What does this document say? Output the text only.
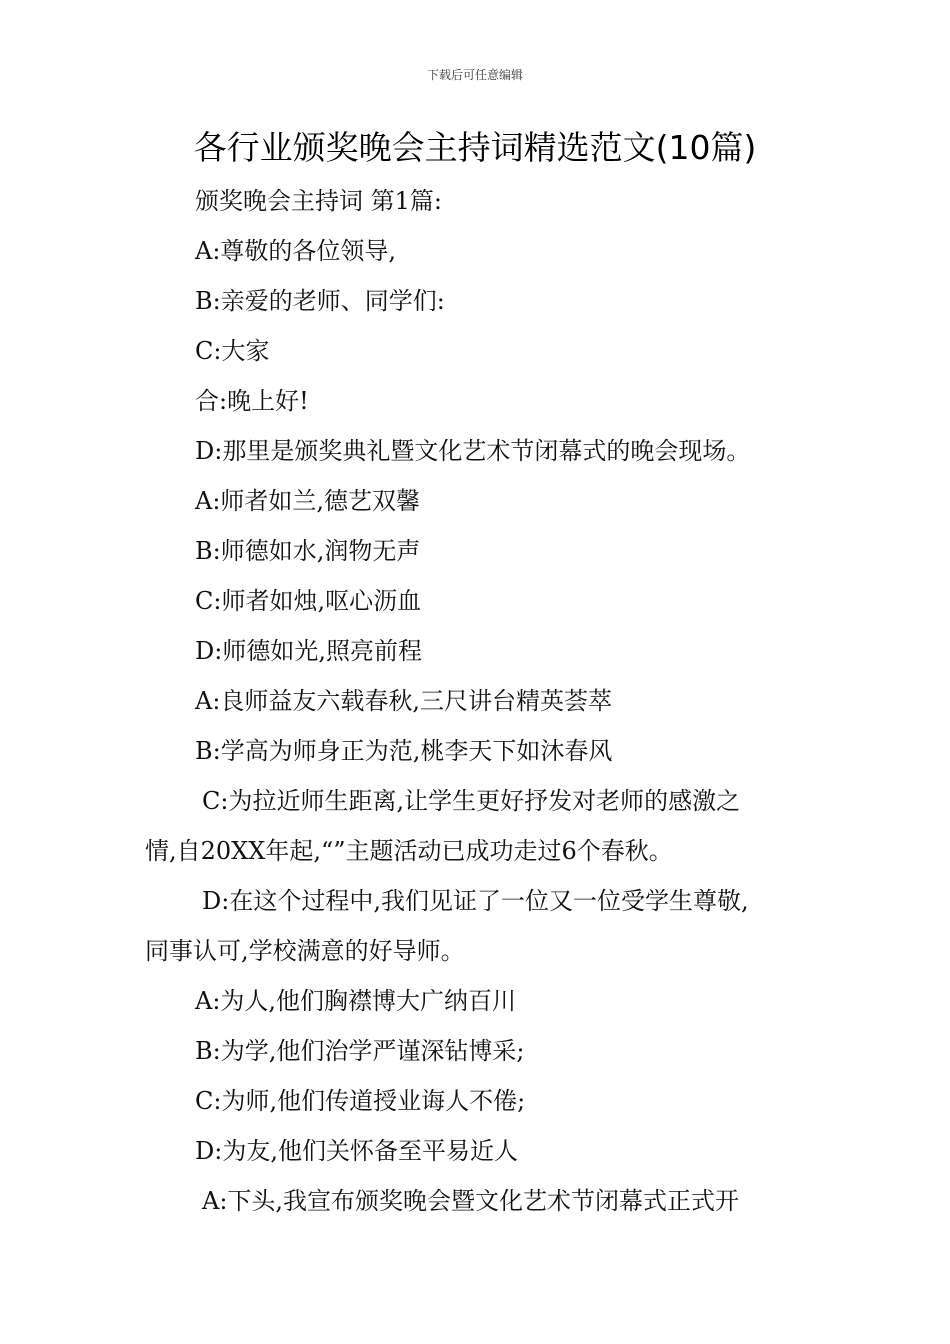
下载后可任意编辑
各行业颁奖晚会主持词精选范文(10篇)
颁奖晚会主持词 第1篇:
A:尊敬的各位领导,
B:亲爱的老师、同学们:
C:大家
合:晚上好!
D:那里是颁奖典礼暨文化艺术节闭幕式的晚会现场。
A:师者如兰,德艺双馨
B:师德如水,润物无声
C:师者如烛,呕心沥血
D:师德如光,照亮前程
A:良师益友六载春秋,三尺讲台精英荟萃
B:学高为师身正为范,桃李天下如沐春风
C:为拉近师生距离,让学生更好抒发对老师的感激之
情,自20XX年起,“”主题活动已成功走过6个春秋。
D:在这个过程中,我们见证了一位又一位受学生尊敬,
同事认可,学校满意的好导师。
A:为人,他们胸襟博大广纳百川
B:为学,他们治学严谨深钻博采;
C:为师,他们传道授业诲人不倦;
D:为友,他们关怀备至平易近人
A:下头,我宣布颁奖晚会暨文化艺术节闭幕式正式开
